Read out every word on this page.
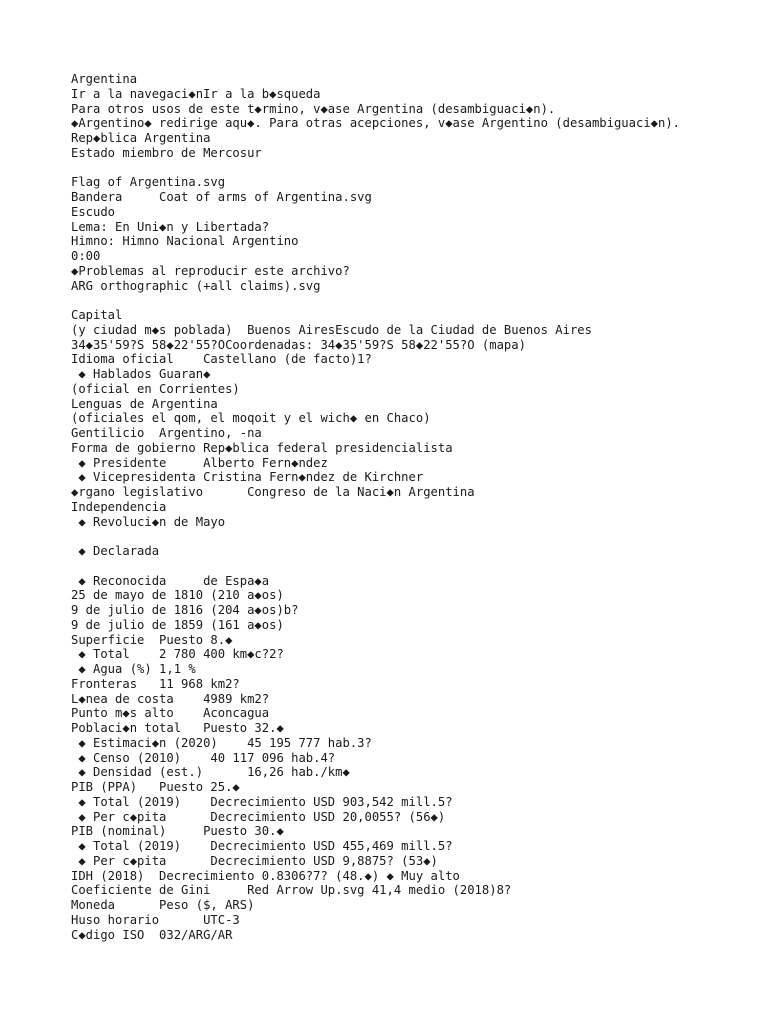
Argentina
Ir a la navegaci◆nIr a la b◆squeda
Para otros usos de este t◆rmino, v◆ase Argentina (desambiguaci◆n).
◆Argentino◆ redirige aqu◆. Para otras acepciones, v◆ase Argentino (desambiguaci◆n).
Rep◆blica Argentina
Estado miembro de Mercosur
Flag of Argentina.svg
Bandera     Coat of arms of Argentina.svg
Escudo
Lema: En Uni◆n y Libertada?
Himno: Himno Nacional Argentino
0:00
◆Problemas al reproducir este archivo?
ARG orthographic (+all claims).svg
Capital
(y ciudad m◆s poblada)  Buenos AiresEscudo de la Ciudad de Buenos Aires
34◆35'59?S 58◆22'55?OCoordenadas: 34◆35'59?S 58◆22'55?O (mapa)
Idioma oficial    Castellano (de facto)1?
◆ Hablados Guaran◆
(oficial en Corrientes)
Lenguas de Argentina
(oficiales el qom, el moqoit y el wich◆ en Chaco)
Gentilicio  Argentino, -na
Forma de gobierno Rep◆blica federal presidencialista
◆ Presidente     Alberto Fern◆ndez
◆ Vicepresidenta Cristina Fern◆ndez de Kirchner
◆rgano legislativo      Congreso de la Naci◆n Argentina
Independencia
◆ Revoluci◆n de Mayo
◆ Declarada
◆ Reconocida     de Espa◆a
25 de mayo de 1810 (210 a◆os)
9 de julio de 1816 (204 a◆os)b?
9 de julio de 1859 (161 a◆os)
Superficie  Puesto 8.◆
◆ Total    2 780 400 km◆c?2?
◆ Agua (%) 1,1 %
Fronteras   11 968 km2?
L◆nea de costa    4989 km2?
Punto m◆s alto    Aconcagua
Poblaci◆n total   Puesto 32.◆
◆ Estimaci◆n (2020)    45 195 777 hab.3?
◆ Censo (2010)    40 117 096 hab.4?
◆ Densidad (est.)      16,26 hab./km◆
PIB (PPA)   Puesto 25.◆
◆ Total (2019)    Decrecimiento USD 903,542 mill.5?
◆ Per c◆pita      Decrecimiento USD 20,0055? (56◆)
PIB (nominal)     Puesto 30.◆
◆ Total (2019)    Decrecimiento USD 455,469 mill.5?
◆ Per c◆pita      Decrecimiento USD 9,8875? (53◆)
IDH (2018)  Decrecimiento 0.8306?7? (48.◆) ◆ Muy alto
Coeficiente de Gini     Red Arrow Up.svg 41,4 medio (2018)8?
Moneda      Peso ($, ARS)
Huso horario      UTC-3
C◆digo ISO  032/ARG/AR
